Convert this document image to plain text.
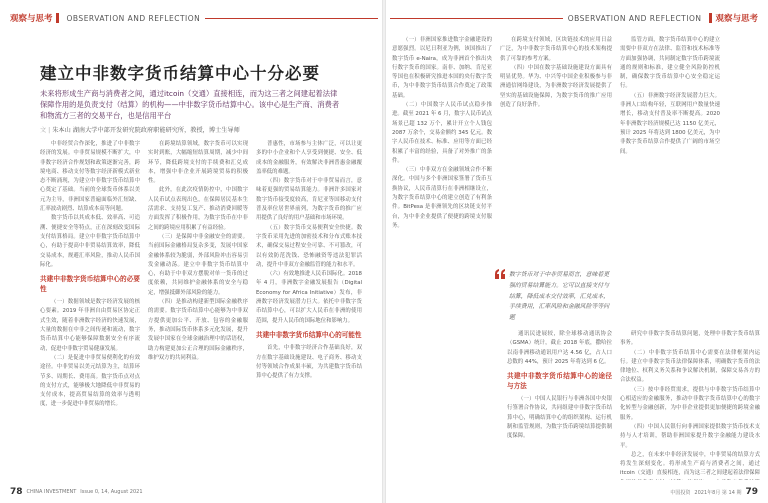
观察与思考 OBSERVATION AND REFLECTION
建立中非数字货币结算中心十分必要
未来将形成生产商与消费者之间，通过itcoin（交通）直接相连，而为这三者之间建起着法律保障作用的是负责支付（结算）的机构——中非数字货币结算中心。该中心是生产商、消费者和物流方三者的交易平台，也是信用平台
文 | 朱本山 湖南大学中部开发研究院政府职能研究所，教授，博士生导师

中非经贸合作深化，推进了中非数字经济的发展。中非贸易规模不断扩大，中非数字经济合作规划和政策逐渐完善，跨境电商、移动支付等数字经济新模式新业态不断涌现，为建立中非数字货币结算中心奠定了基础。当前的全球货币体系以美元为主导，非洲国家普遍面临外汇短缺、汇率波动剧烈、结算成本高等问题。

数字货币以其成本低、效率高、可追溯、便捷安全等特点，正在深刻改变国际支付结算格局。建立中非数字货币结算中心，有助于提高中非贸易结算效率，降低交易成本，规避汇率风险，推动人民币国际化。

共建中非数字货币结算中心的必要性

（一）数据领域是数字经济发展的核心要素。2019 年非洲自由贸易区协定正式生效，随着非洲数字经济的快速发展，大量的数据在中非之间传递和流动，数字货币结算中心能够保障数据安全有序流动，促进中非数字贸易健康发展。

（二）是促进中非贸易便利化的有效途径。中非贸易以美元结算为主，结算环节多、周期长、费用高。数字货币点对点的支付方式，能够极大地降低中非贸易的支付成本，提高贸易结算的效率与透明度，进一步促进中非贸易的增长。

在跨境结算领域，数字货币可以实现实时到账，大幅缩短结算周期，减少中间环节，降低跨境支付的手续费和汇兑成本，增强中非企业开展跨境贸易的积极性。

此外，在此次疫情防控中，中国数字人民币试点表现出色，在保障居民基本生活需求、支持复工复产、推动消费回暖等方面发挥了积极作用，为数字货币在中非之间的跨境应用积累了有益经验。

（三）是保障中非金融安全的需要。当前国际金融格局复杂多变，发展中国家金融体系较为脆弱，外部风险冲击容易引发金融动荡。建立中非数字货币结算中心，有助于中非双方摆脱对单一货币的过度依赖，共同维护金融体系的安全与稳定，增强抵御外部风险的能力。

（四）是推动构建新型国际金融秩序的需要。数字货币结算中心能够为中非双方提供更加公平、开放、包容的金融服务，推动国际货币体系多元化发展，提升发展中国家在全球金融治理中的话语权，助力构建更加公正合理的国际金融秩序，维护双方的共同利益。

普惠性，市场参与主体广泛，可以让更多的中小企业和个人享受到便捷、安全、低成本的金融服务，有效解决非洲普惠金融覆盖率低的难题。

（四）数字货币对于中非贸易而言，意味着更强的贸易结算能力。非洲许多国家对数字货币接受度较高，肯尼亚等国移动支付普及率位居世界前列，为数字货币的推广应用提供了良好的用户基础和市场环境。

（五）数字货币交易便利安全快捷。数字货币采用先进的加密技术和分布式账本技术，确保交易过程安全可靠、不可篡改，可以有效防范洗钱、恐怖融资等违法犯罪活动，提升中非双方金融监管的能力和水平。

（六）有效地推进人民币国际化。2018 年 4 月，非洲数字金融发展报告（Digital Economy for Africa Initiative）发布，非洲数字经济发展潜力巨大。依托中非数字货币结算中心，可以扩大人民币在非洲的使用范围，提升人民币的国际地位和影响力。

共建中非数字货币结算中心的可能性

首先，中非数字经济合作基础良好，双方在数字基础设施建设、电子商务、移动支付等领域合作成果丰硕，为共建数字货币结算中心提供了有力支撑。

78 CHINA INVESTMENT Issue 0, 14, August 2021
OBSERVATION AND REFLECTION 观察与思考

（一）非洲国家推进数字金融建设的意愿强烈。以尼日利亚为例，该国推出了数字货币 e-Naira，成为非洲首个推出央行数字货币的国家。南非、加纳、肯尼亚等国也在积极研究推进本国的央行数字货币，为中非数字货币结算合作奠定了政策基础。

（二）中国数字人民币试点稳步推进。截至 2021 年 6 月，数字人民币试点场景已超 132 万个，累计开立个人钱包 2087 万余个，交易金额约 345 亿元。数字人民币在技术、标准、应用等方面已经积累了丰富的经验，具备了对外推广的条件。

（三）中非双方在金融领域合作不断深化。中国与多个非洲国家签署了货币互换协议，人民币清算行在非洲相继设立，为数字货币结算中心的建立创造了有利条件。BitPesa 是非洲领先的区块链支付平台，为中非企业提供了便捷的跨境支付服务。

在跨境支付领域，区块链技术的应用日益广泛，为中非数字货币结算中心的技术架构提供了可靠的参考方案。

（四）中国在数字基础设施建设方面具有明显优势。华为、中兴等中国企业积极参与非洲通信网络建设，为非洲数字经济发展提供了坚实的基础设施保障，为数字货币的推广应用创造了良好条件。

数字货币对于中非贸易而言，意味着更强的贸易结算能力。它可以直接支付与结算，降低成本交付效率，汇兑成本，手续费用，汇率风险和金融风险等等问题

通讯民进展较，除全球移动通讯协会（GSMA）统计，截止 2018 年底，撒哈拉以南非洲移动通讯用户达 4.56 亿，占人口总数的 44%，预计 2025 年将达到 6 亿。

共建中非数字货币结算中心的途径与方法

（一）中国人民银行与非洲各国中央银行签署合作协议，共同组建中非数字货币结算中心，明确结算中心的组织架构、运行机制和监管规则，为数字货币跨境结算提供制度保障。

监管方面，数字货币结算中心的建立需要中非双方在法律、监管和技术标准等方面加强协调，共同制定数字货币跨境流通的规则和标准，建立健全风险防控机制，确保数字货币结算中心安全稳定运行。

（五）非洲数字经济发展潜力巨大。非洲人口结构年轻，互联网用户数量快速增长，移动支付普及率不断提高。2020 年非洲数字经济规模已达 1150 亿美元，预计 2025 年将达到 1800 亿美元，为中非数字货币结算合作提供了广阔的市场空间。

研究中非数字货币结算问题，处理中非数字货币结算事务。

（二）中非数字货币结算中心需要在法律框架内运行。建立中非数字货币法律保障体系，明确数字货币的法律地位、权利义务关系和争议解决机制，保障交易各方的合法权益。

（三）按中非经贸需求，提供与中非数字货币结算中心相适应的金融服务，推动中非数字货币结算中心的数字化转型与金融创新，为中非企业提供更加便捷的跨境金融服务。

（四）中国人民银行向非洲国家提供数字货币技术支持与人才培训，帮助非洲国家提升数字金融能力建设水平。

总之，在未来中非经济发展中，中非贸易的结算方式将发生深刻变化。将形成生产商与消费者之间，通过 itcoin（交通）直接相连，而为这三者之间建起着法律保障

中国投资 2021年8月 第 14 期 79
